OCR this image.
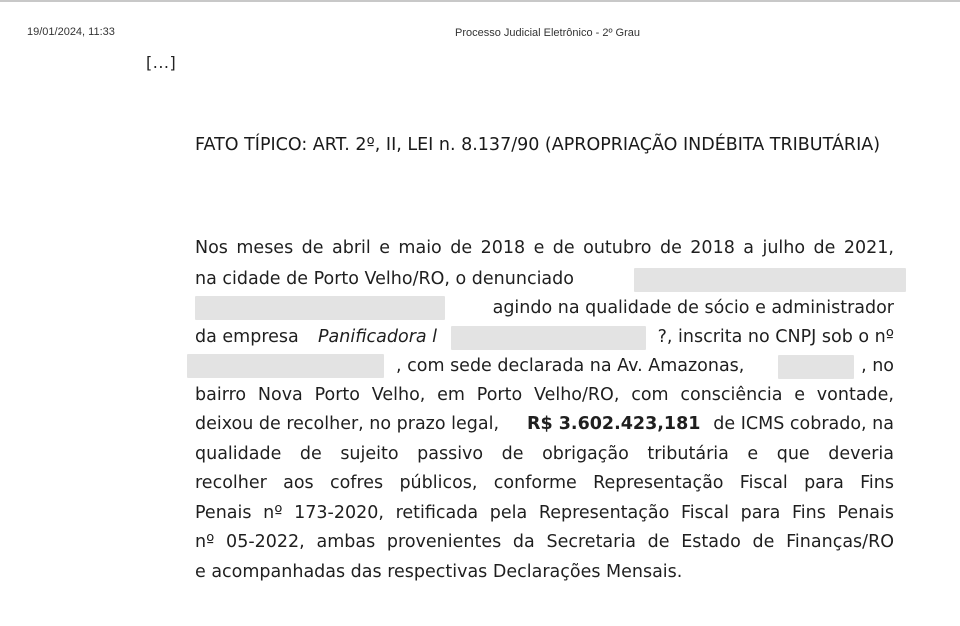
19/01/2024, 11:33	Processo Judicial Eletrônico - 2º Grau
[...]
FATO TÍPICO: ART. 2º, II, LEI n. 8.137/90 (APROPRIAÇÃO INDÉBITA TRIBUTÁRIA)
Nos meses de abril e maio de 2018 e de outubro de 2018 a julho de 2021,
na cidade de Porto Velho/RO, o denunciado
agindo na qualidade de sócio e administrador
da empresa Panificadora l	?, inscrita no CNPJ sob o nº
, com sede declarada na Av. Amazonas,	, no
bairro Nova Porto Velho, em Porto Velho/RO, com consciência e vontade,
deixou de recolher, no prazo legal, R$ 3.602.423,181 de ICMS cobrado, na
qualidade de sujeito passivo de obrigação tributária e que deveria
recolher aos cofres públicos, conforme Representação Fiscal para Fins
Penais nº 173-2020, retificada pela Representação Fiscal para Fins Penais
nº 05-2022, ambas provenientes da Secretaria de Estado de Finanças/RO
e acompanhadas das respectivas Declarações Mensais.
